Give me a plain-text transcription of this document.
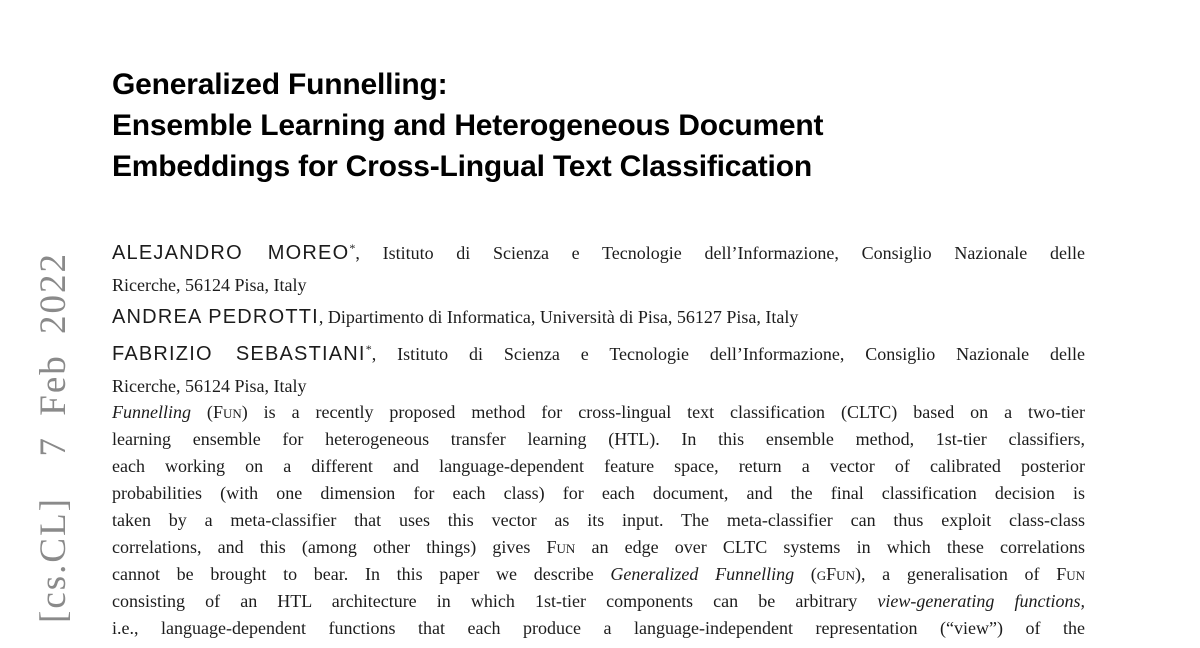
[cs.CL]  7 Feb 2022
Generalized Funnelling:
Ensemble Learning and Heterogeneous Document
Embeddings for Cross-Lingual Text Classification
ALEJANDRO MOREO*, Istituto di Scienza e Tecnologie dell’Informazione, Consiglio Nazionale delle
Ricerche, 56124 Pisa, Italy
ANDREA PEDROTTI, Dipartimento di Informatica, Università di Pisa, 56127 Pisa, Italy
FABRIZIO SEBASTIANI*, Istituto di Scienza e Tecnologie dell’Informazione, Consiglio Nazionale delle
Ricerche, 56124 Pisa, Italy
Funnelling (Fun) is a recently proposed method for cross-lingual text classification (CLTC) based on a two-tier
learning ensemble for heterogeneous transfer learning (HTL). In this ensemble method, 1st-tier classifiers,
each working on a different and language-dependent feature space, return a vector of calibrated posterior
probabilities (with one dimension for each class) for each document, and the final classification decision is
taken by a meta-classifier that uses this vector as its input. The meta-classifier can thus exploit class-class
correlations, and this (among other things) gives Fun an edge over CLTC systems in which these correlations
cannot be brought to bear. In this paper we describe Generalized Funnelling (gFun), a generalisation of Fun
consisting of an HTL architecture in which 1st-tier components can be arbitrary view-generating functions,
i.e., language-dependent functions that each produce a language-independent representation (“view”) of the
